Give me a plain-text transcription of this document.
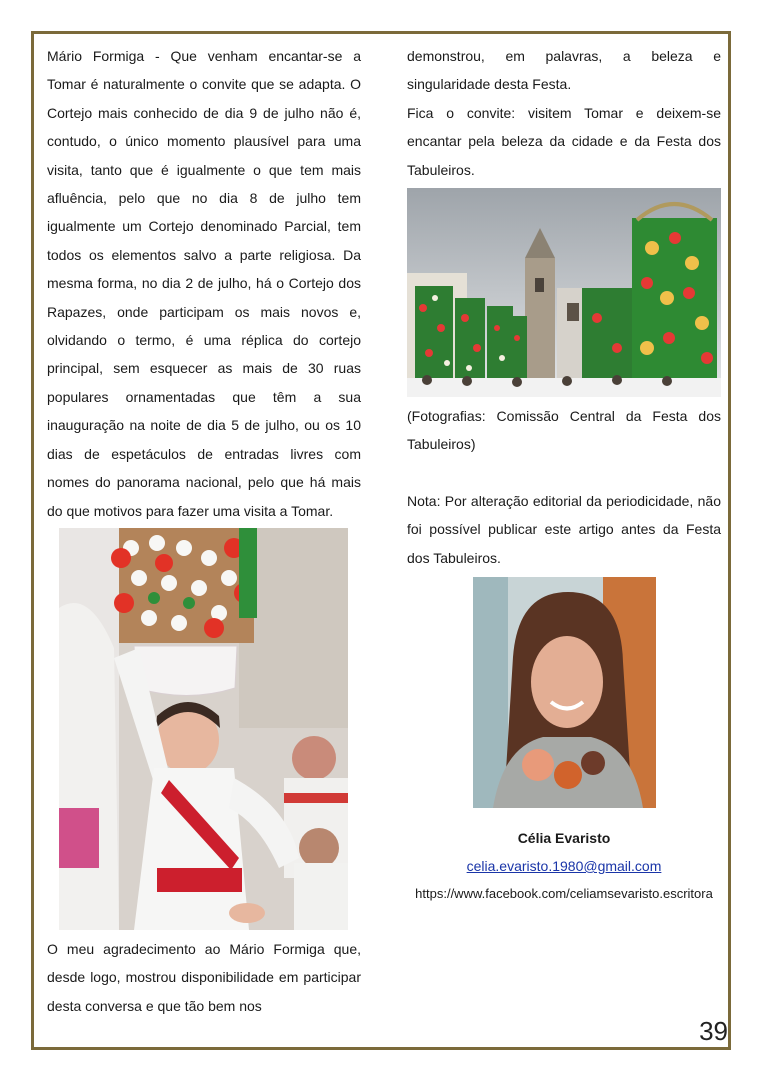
Mário Formiga - Que venham encantar-se a Tomar é naturalmente o convite que se adapta. O Cortejo mais conhecido de dia 9 de julho não é, contudo, o único momento plausível para uma visita, tanto que é igualmente o que tem mais afluência, pelo que no dia 8 de julho tem igualmente um Cortejo denominado Parcial, tem todos os elementos salvo a parte religiosa. Da mesma forma, no dia 2 de julho, há o Cortejo dos Rapazes, onde participam os mais novos e, olvidando o termo, é uma réplica do cortejo principal, sem esquecer as mais de 30 ruas populares ornamentadas que têm a sua inauguração na noite de dia 5 de julho, ou os 10 dias de espetáculos de entradas livres com nomes do panorama nacional, pelo que há mais do que motivos para fazer uma visita a Tomar.

O meu agradecimento ao Mário Formiga que, desde logo, mostrou disponibilidade em participar desta conversa e que tão bem nos

demonstrou, em palavras, a beleza e singularidade desta Festa.

Fica o convite: visitem Tomar e deixem-se encantar pela beleza da cidade e da Festa dos Tabuleiros.

(Fotografias: Comissão Central da Festa dos Tabuleiros)

Nota: Por alteração editorial da periodicidade, não foi possível publicar este artigo antes da Festa dos Tabuleiros.

Célia Evaristo
celia.evaristo.1980@gmail.com
https://www.facebook.com/celiamsevaristo.escritora
39
